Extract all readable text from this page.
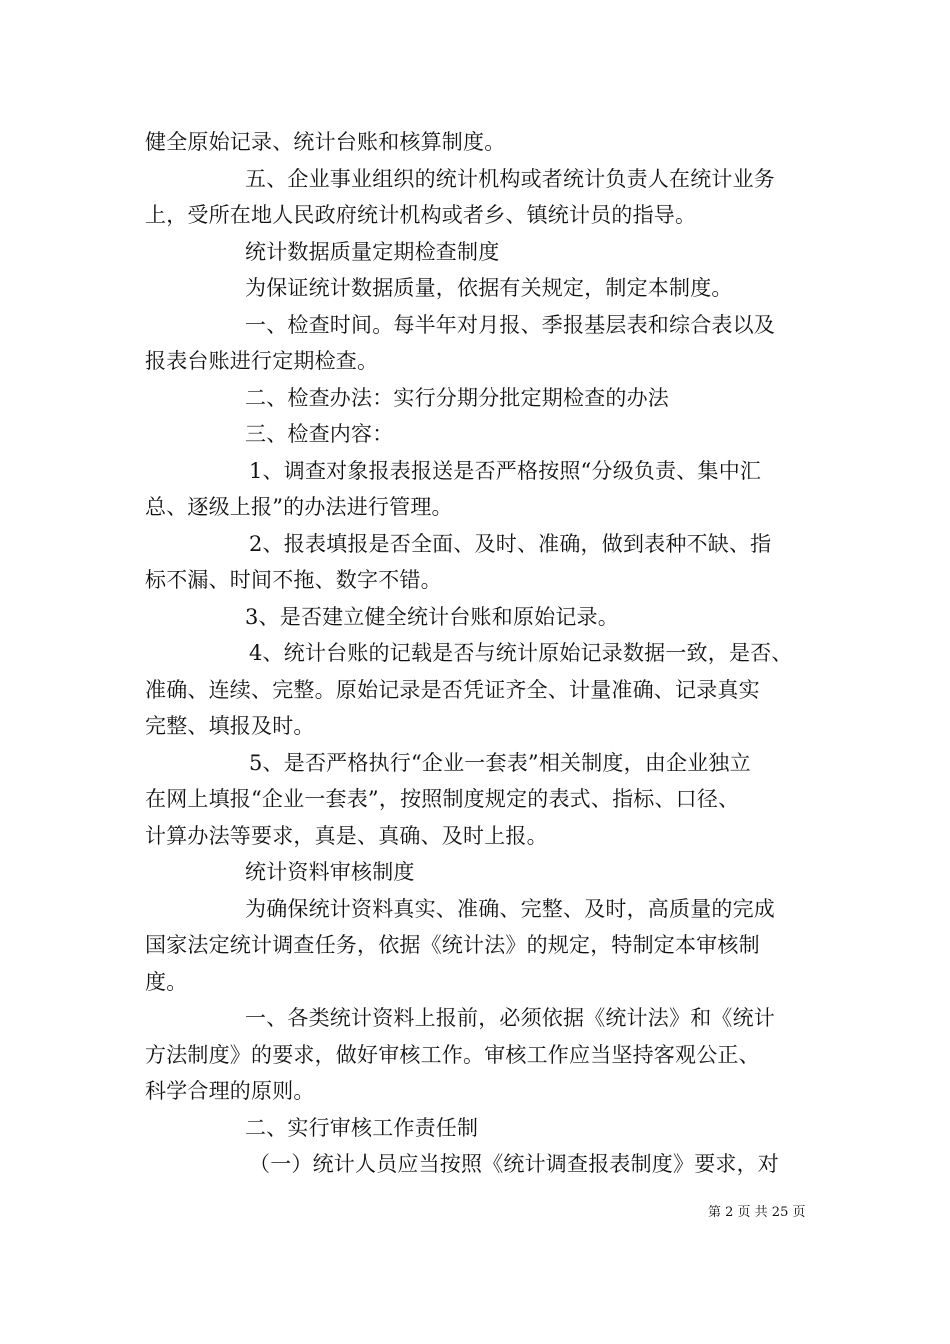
健全原始记录、统计台账和核算制度。
五、企业事业组织的统计机构或者统计负责人在统计业务
上，受所在地人民政府统计机构或者乡、镇统计员的指导。
统计数据质量定期检查制度
为保证统计数据质量，依据有关规定，制定本制度。
一、检查时间。每半年对月报、季报基层表和综合表以及
报表台账进行定期检查。
二、检查办法：实行分期分批定期检查的办法
三、检查内容：
1、调查对象报表报送是否严格按照“分级负责、集中汇
总、逐级上报”的办法进行管理。
2、报表填报是否全面、及时、准确，做到表种不缺、指
标不漏、时间不拖、数字不错。
3、是否建立健全统计台账和原始记录。
4、统计台账的记载是否与统计原始记录数据一致，是否、
准确、连续、完整。原始记录是否凭证齐全、计量准确、记录真实
完整、填报及时。
5、是否严格执行“企业一套表”相关制度，由企业独立
在网上填报“企业一套表”，按照制度规定的表式、指标、口径、
计算办法等要求，真是、真确、及时上报。
统计资料审核制度
为确保统计资料真实、准确、完整、及时，高质量的完成
国家法定统计调查任务，依据《统计法》的规定，特制定本审核制
度。
一、各类统计资料上报前，必须依据《统计法》和《统计
方法制度》的要求，做好审核工作。审核工作应当坚持客观公正、
科学合理的原则。
二、实行审核工作责任制
（一）统计人员应当按照《统计调查报表制度》要求，对
第 2 页 共 25 页
